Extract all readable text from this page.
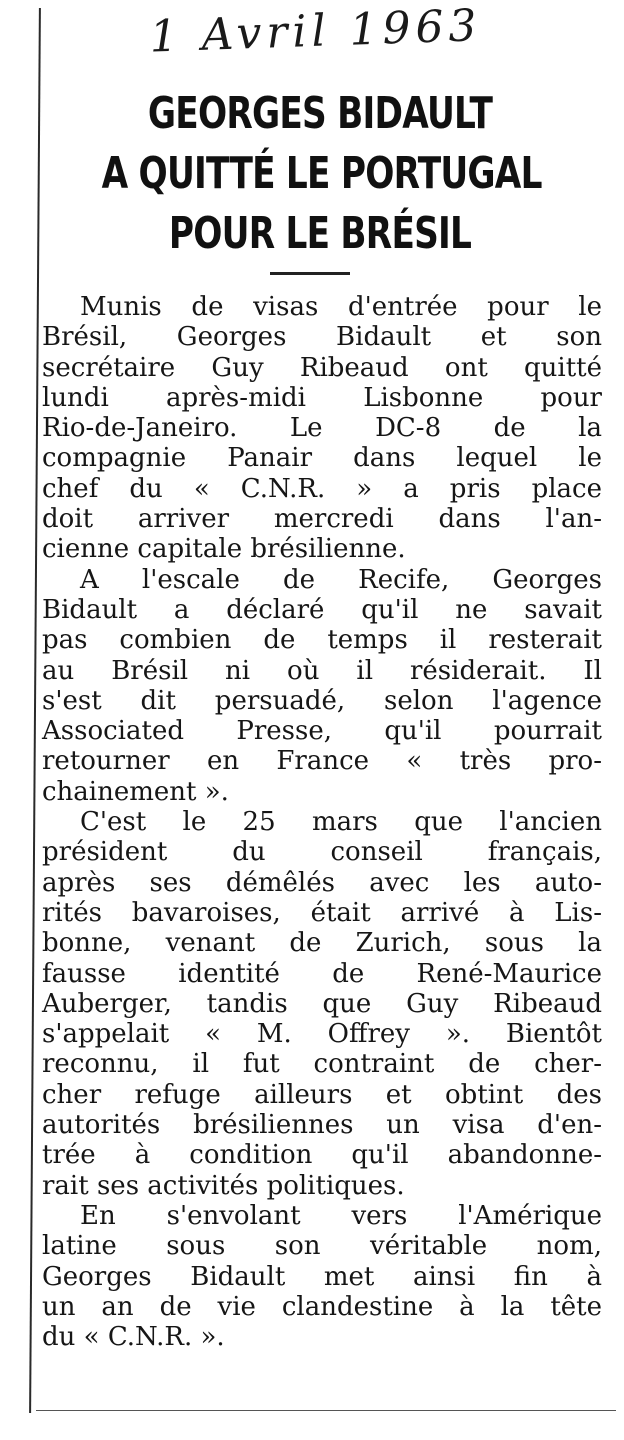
1 Avril 1963
GEORGES BIDAULT
A QUITTÉ LE PORTUGAL
POUR LE BRÉSIL
Munis de visas d'entrée pour le
Brésil, Georges Bidault et son
secrétaire Guy Ribeaud ont quitté
lundi après-midi Lisbonne pour
Rio-de-Janeiro. Le DC-8 de la
compagnie Panair dans lequel le
chef du « C.N.R. » a pris place
doit arriver mercredi dans l'an-
cienne capitale brésilienne.
A l'escale de Recife, Georges
Bidault a déclaré qu'il ne savait
pas combien de temps il resterait
au Brésil ni où il résiderait. Il
s'est dit persuadé, selon l'agence
Associated Presse, qu'il pourrait
retourner en France « très pro-
chainement ».
C'est le 25 mars que l'ancien
président du conseil français,
après ses démêlés avec les auto-
rités bavaroises, était arrivé à Lis-
bonne, venant de Zurich, sous la
fausse identité de René-Maurice
Auberger, tandis que Guy Ribeaud
s'appelait « M. Offrey ». Bientôt
reconnu, il fut contraint de cher-
cher refuge ailleurs et obtint des
autorités brésiliennes un visa d'en-
trée à condition qu'il abandonne-
rait ses activités politiques.
En s'envolant vers l'Amérique
latine sous son véritable nom,
Georges Bidault met ainsi fin à
un an de vie clandestine à la tête
du « C.N.R. ».
